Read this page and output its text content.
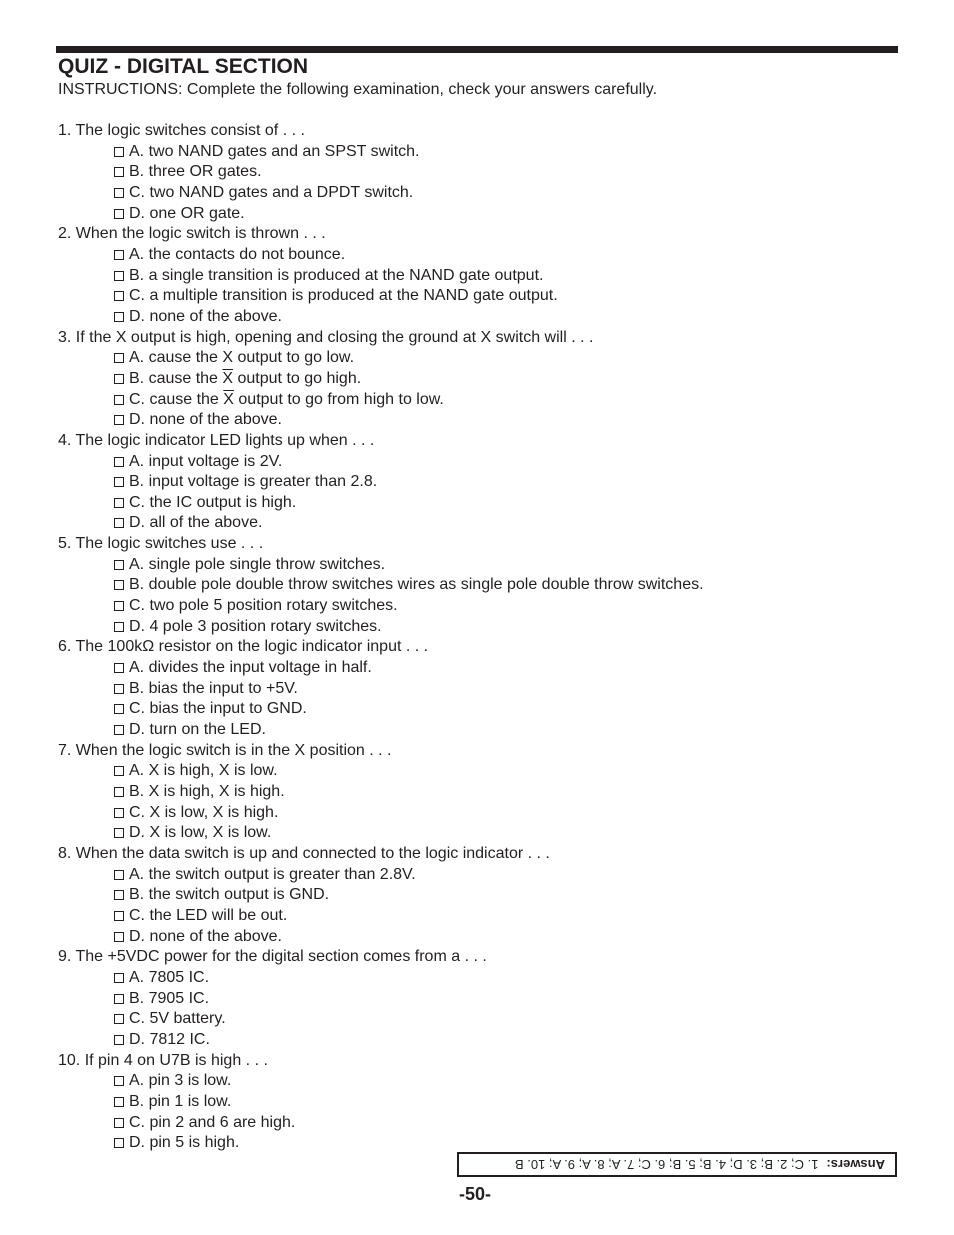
QUIZ - DIGITAL SECTION
INSTRUCTIONS: Complete the following examination, check your answers carefully.
1. The logic switches consist of . . .
A. two NAND gates and an SPST switch.
B. three OR gates.
C. two NAND gates and a DPDT switch.
D. one OR gate.
2. When the logic switch is thrown . . .
A. the contacts do not bounce.
B. a single transition is produced at the NAND gate output.
C. a multiple transition is produced at the NAND gate output.
D. none of the above.
3. If the X output is high, opening and closing the ground at X switch will . . .
A. cause the X output to go low.
B. cause the $\overline{X}$ output to go high.
C. cause the $\overline{X}$ output to go from high to low.
D. none of the above.
4. The logic indicator LED lights up when . . .
A. input voltage is 2V.
B. input voltage is greater than 2.8.
C. the IC output is high.
D. all of the above.
5. The logic switches use . . .
A. single pole single throw switches.
B. double pole double throw switches wires as single pole double throw switches.
C. two pole 5 position rotary switches.
D. 4 pole 3 position rotary switches.
6. The 100kΩ resistor on the logic indicator input . . .
A. divides the input voltage in half.
B. bias the input to +5V.
C. bias the input to GND.
D. turn on the LED.
7. When the logic switch is in the X position . . .
A. X is high, X is low.
B. X is high, X is high.
C. X is low, X is high.
D. X is low, X is low.
8. When the data switch is up and connected to the logic indicator . . .
A. the switch output is greater than 2.8V.
B. the switch output is GND.
C. the LED will be out.
D. none of the above.
9. The +5VDC power for the digital section comes from a . . .
A. 7805 IC.
B. 7905 IC.
C. 5V battery.
D. 7812 IC.
10. If pin 4 on U7B is high . . .
A. pin 3 is low.
B. pin 1 is low.
C. pin 2 and 6 are high.
D. pin 5 is high.
Answers:
1. C; 2. B; 3. D; 4. B; 5. B; 6. C; 7. A; 8. A; 9. A; 10. B
-50-
